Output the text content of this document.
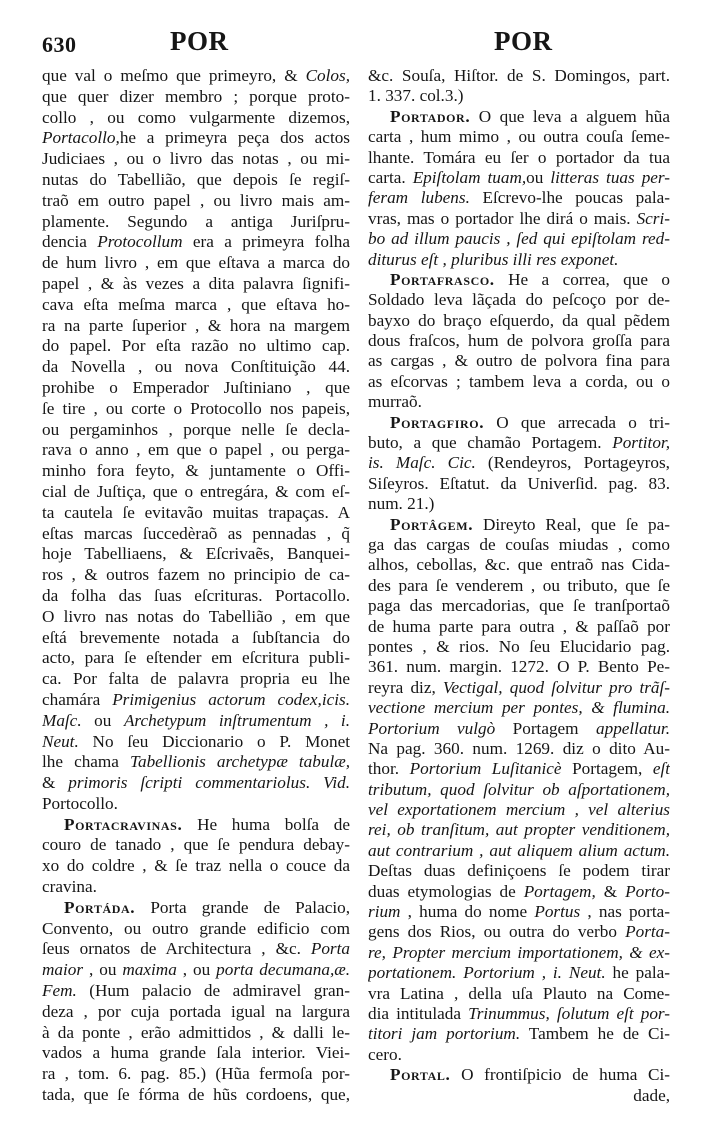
630	POR	POR
que val o meſmo que primeyro, & Colos,
que quer dizer membro ; porque proto-
collo , ou como vulgarmente dizemos,
Portacollo,he a primeyra peça dos actos
Judiciaes , ou o livro das notas , ou mi-
nutas do Tabellião, que depois ſe regiſ-
traõ em outro papel , ou livro mais am-
plamente. Segundo a antiga Juriſpru-
dencia Protocollum era a primeyra folha
de hum livro , em que eſtava a marca do
papel , & às vezes a dita palavra ſignifi-
cava eſta meſma marca , que eſtava ho-
ra na parte ſuperior , & hora na margem
do papel. Por eſta razão no ultimo cap.
da Novella , ou nova Conſtituição 44.
prohibe o Emperador Juſtiniano , que
ſe tire , ou corte o Protocollo nos papeis,
ou pergaminhos , porque nelle ſe decla-
rava o anno , em que o papel , ou perga-
minho fora feyto, & juntamente o Offi-
cial de Juſtiça, que o entregára, & com eſ-
ta cautela ſe evitavão muitas trapaças. A
eſtas marcas ſuccedèraõ as pennadas , q̃
hoje Tabelliaens, & Eſcrivaẽs, Banquei-
ros , & outros fazem no principio de ca-
da folha das ſuas eſcrituras. Portacollo.
O livro nas notas do Tabellião , em que
eſtá brevemente notada a ſubſtancia do
acto, para ſe eſtender em eſcritura publi-
ca. Por falta de palavra propria eu lhe
chamára Primigenius actorum codex,icis.
Maſc. ou Archetypum inſtrumentum , i.
Neut. No ſeu Diccionario o P. Monet
lhe chama Tabellionis archetypæ tabulæ,
& primoris ſcripti commentariolus. Vid.
Portocollo.
Portacravinas. He huma bolſa de
couro de tanado , que ſe pendura debay-
xo do coldre , & ſe traz nella o couce da
cravina.
Portáda. Porta grande de Palacio,
Convento, ou outro grande edificio com
ſeus ornatos de Architectura , &c. Porta
maior , ou maxima , ou porta decumana,æ.
Fem. (Hum palacio de admiravel gran-
deza , por cuja portada igual na largura
à da ponte , erão admittidos , & dalli le-
vados a huma grande ſala interior. Viei-
ra , tom. 6. pag. 85.) (Hũa fermoſa por-
tada, que ſe fórma de hũs cordoens, que,
&c. Souſa, Hiſtor. de S. Domingos, part.
1. 337. col.3.)
Portador. O que leva a alguem hũa
carta , hum mimo , ou outra couſa ſeme-
lhante. Tomára eu ſer o portador da tua
carta. Epiſtolam tuam,ou litteras tuas per-
feram lubens. Eſcrevo-lhe poucas pala-
vras, mas o portador lhe dirá o mais. Scri-
bo ad illum paucis , ſed qui epiſtolam red-
diturus eſt , pluribus illi res exponet.
Portafrasco. He a correa, que o
Soldado leva lãçada do peſcoço por de-
bayxo do braço eſquerdo, da qual pẽdem
dous fraſcos, hum de polvora groſſa para
as cargas , & outro de polvora fina para
as eſcorvas ; tambem leva a corda, ou o
murraõ.
Portagfiro. O que arrecada o tri-
buto, a que chamão Portagem. Portitor,
is. Maſc. Cic. (Rendeyros, Portageyros,
Siſeyros. Eſtatut. da Univerſid. pag. 83.
num. 21.)
Portâgem. Direyto Real, que ſe pa-
ga das cargas de couſas miudas , como
alhos, cebollas, &c. que entraõ nas Cida-
des para ſe venderem , ou tributo, que ſe
paga das mercadorias, que ſe tranſportaõ
de huma parte para outra , & paſſaõ por
pontes , & rios. No ſeu Elucidario pag.
361. num. margin. 1272. O P. Bento Pe-
reyra diz, Vectigal, quod ſolvitur pro trãſ-
vectione mercium per pontes, & flumina.
Portorium vulgò Portagem appellatur.
Na pag. 360. num. 1269. diz o dito Au-
thor. Portorium Luſitanicè Portagem, eſt
tributum, quod ſolvitur ob aſportationem,
vel exportationem mercium , vel alterius
rei, ob tranſitum, aut propter venditionem,
aut contrarium , aut aliquem alium actum.
Deſtas duas definiçoens ſe podem tirar
duas etymologias de Portagem, & Porto-
rium , huma do nome Portus , nas porta-
gens dos Rios, ou outra do verbo Porta-
re, Propter mercium importationem, & ex-
portationem. Portorium , i. Neut. he pala-
vra Latina , della uſa Plauto na Come-
dia intitulada Trinummus, ſolutum eſt por-
titori jam portorium. Tambem he de Ci-
cero.
Portal. O frontiſpicio de huma Ci-
dade,
